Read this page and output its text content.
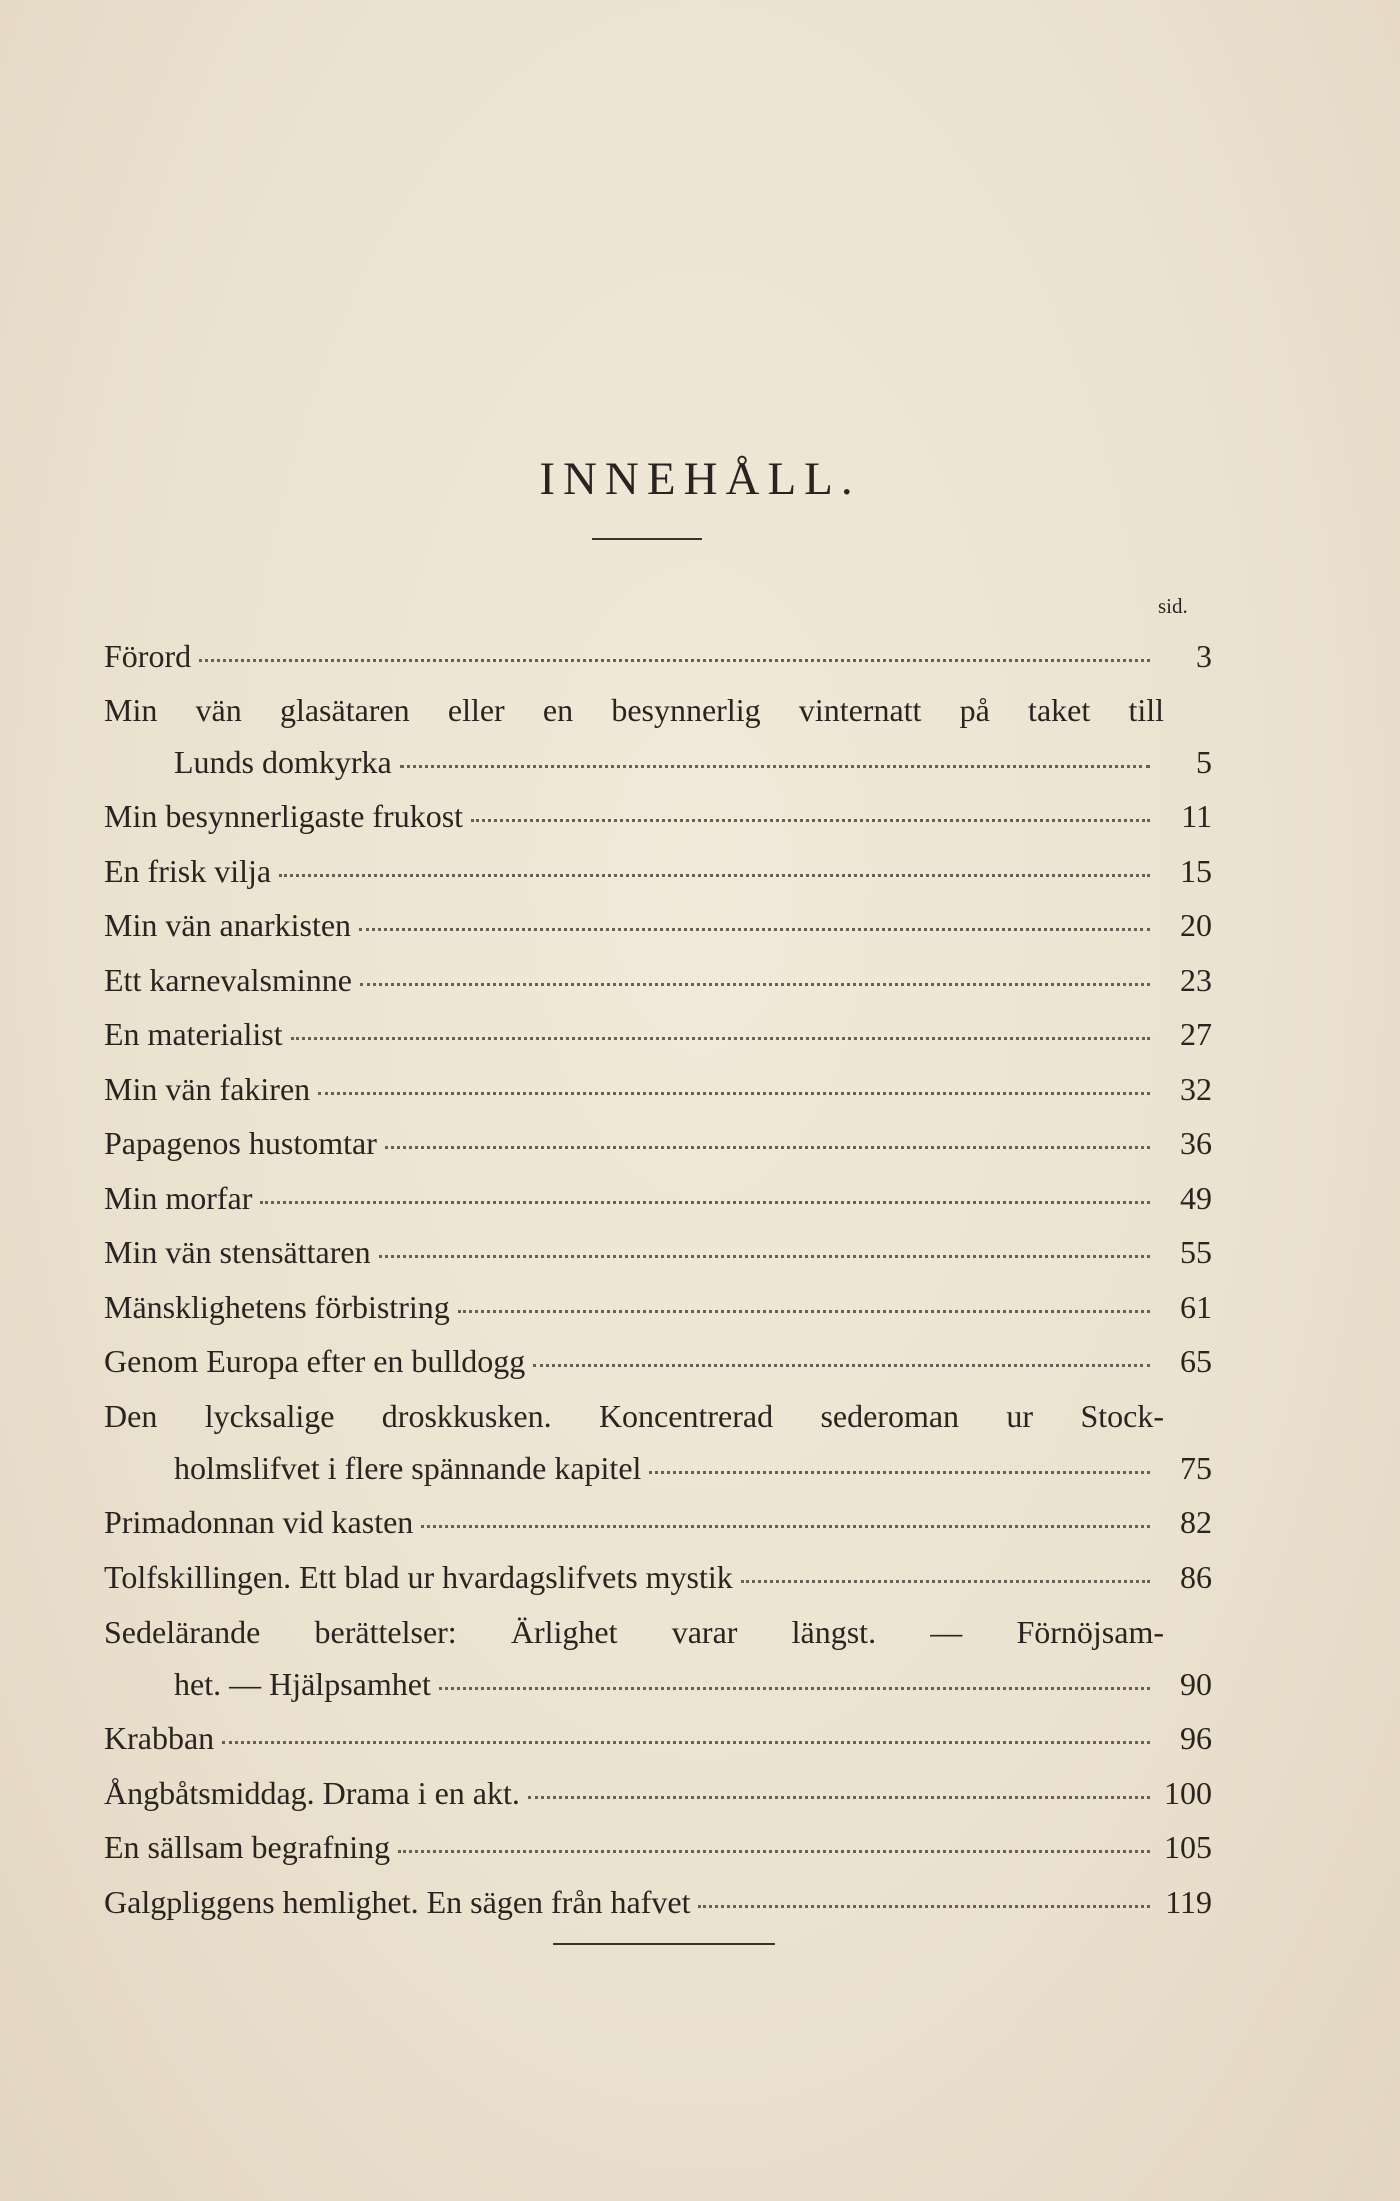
INNEHÅLL.
sid.
Förord	3
Min vän glasätaren eller en besynnerlig vinternatt på taket till
Lunds domkyrka	5
Min besynnerligaste frukost	11
En frisk vilja	15
Min vän anarkisten	20
Ett karnevalsminne	23
En materialist	27
Min vän fakiren	32
Papagenos hustomtar	36
Min morfar	49
Min vän stensättaren	55
Mänsklighetens förbistring	61
Genom Europa efter en bulldogg	65
Den lycksalige droskkusken. Koncentrerad sederoman ur Stock-
holmslifvet i flere spännande kapitel	75
Primadonnan vid kasten	82
Tolfskillingen. Ett blad ur hvardagslifvets mystik	86
Sedelärande berättelser: Ärlighet varar längst. — Förnöjsam-
het. — Hjälpsamhet	90
Krabban	96
Ångbåtsmiddag. Drama i en akt.	100
En sällsam begrafning	105
Galgpliggens hemlighet. En sägen från hafvet	119
